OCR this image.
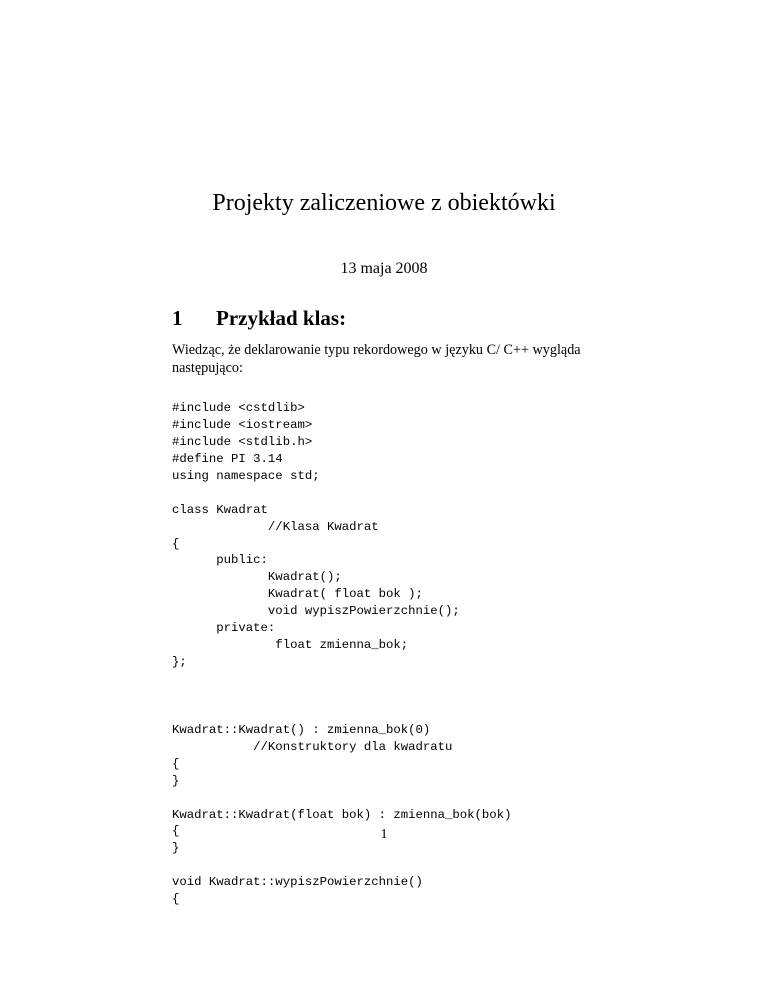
Projekty zaliczeniowe z obiektówki
13 maja 2008
1 Przykład klas:

Wiedząc, że deklarowanie typu rekordowego w języku C/ C++ wygląda następująco:

#include <cstdlib>
#include <iostream>
#include <stdlib.h>
#define PI 3.14
using namespace std;
class Kwadrat
//Klasa Kwadrat
{
public:
Kwadrat();
Kwadrat( float bok );
void wypiszPowierzchnie();
private:
float zmienna_bok;
};
Kwadrat::Kwadrat() : zmienna_bok(0)
//Konstruktory dla kwadratu
{
}
Kwadrat::Kwadrat(float bok) : zmienna_bok(bok)
{
}
void Kwadrat::wypiszPowierzchnie()
{
1
